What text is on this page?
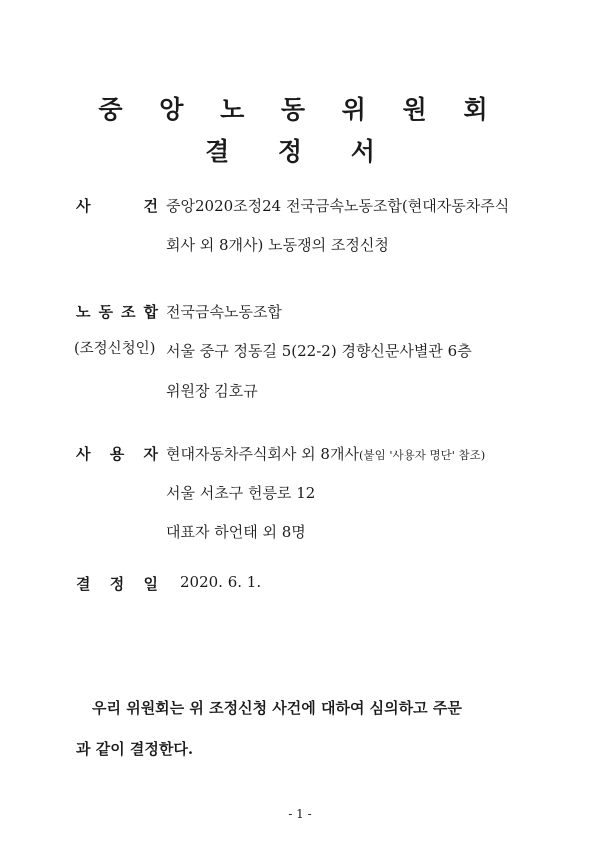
중 앙 노 동 위 원 회
결 정 서
사	건 중앙2020조정24 전국금속노동조합(현대자동차주식
회사 외 8개사) 노동쟁의 조정신청
노 동 조 합
(조정신청인)
전국금속노동조합
서울 중구 정동길 5(22-2) 경향신문사별관 6층
위원장 김호규
사 용 자 현대자동차주식회사 외 8개사(붙임 '사용자 명단' 참조)
서울 서초구 헌릉로 12
대표자 하언태 외 8명
결 정 일 2020. 6. 1.
우리 위원회는 위 조정신청 사건에 대하여 심의하고 주문
과 같이 결정한다.
- 1 -
